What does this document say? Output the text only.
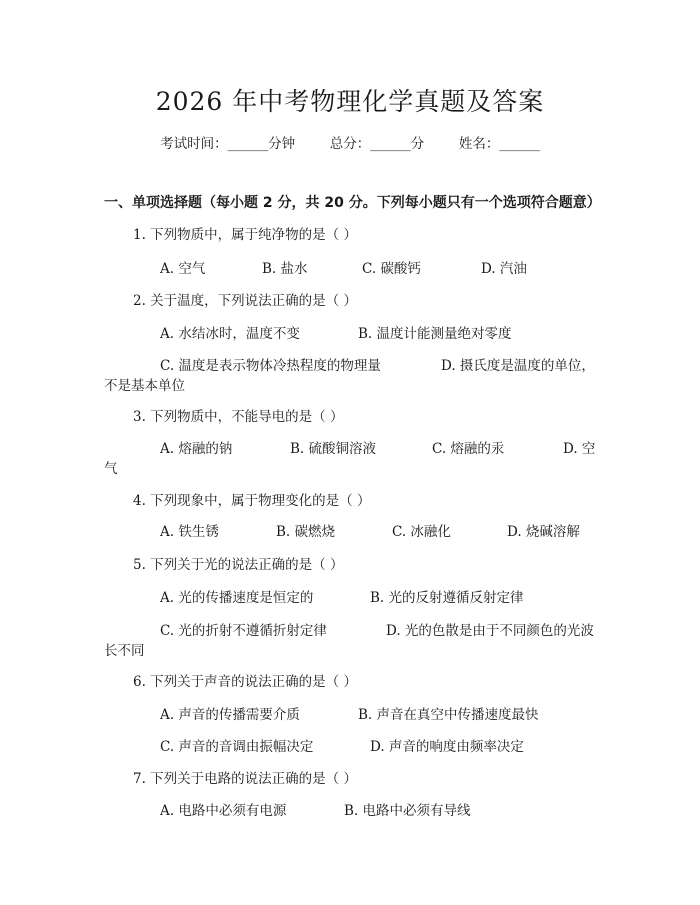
2026 年中考物理化学真题及答案
考试时间：______分钟	总分：______分	姓名：______
一、单项选择题（每小题 2 分，共 20 分。下列每小题只有一个选项符合题意）
1. 下列物质中，属于纯净物的是（ ）
A. 空气	B. 盐水	C. 碳酸钙	D. 汽油
2. 关于温度，下列说法正确的是（ ）
A. 水结冰时，温度不变	B. 温度计能测量绝对零度
C. 温度是表示物体冷热程度的物理量	D. 摄氏度是温度的单位，
不是基本单位
3. 下列物质中，不能导电的是（ ）
A. 熔融的钠	B. 硫酸铜溶液	C. 熔融的汞	D. 空
气
4. 下列现象中，属于物理变化的是（ ）
A. 铁生锈	B. 碳燃烧	C. 冰融化	D. 烧碱溶解
5. 下列关于光的说法正确的是（ ）
A. 光的传播速度是恒定的	B. 光的反射遵循反射定律
C. 光的折射不遵循折射定律	D. 光的色散是由于不同颜色的光波
长不同
6. 下列关于声音的说法正确的是（ ）
A. 声音的传播需要介质	B. 声音在真空中传播速度最快
C. 声音的音调由振幅决定	D. 声音的响度由频率决定
7. 下列关于电路的说法正确的是（ ）
A. 电路中必须有电源	B. 电路中必须有导线
